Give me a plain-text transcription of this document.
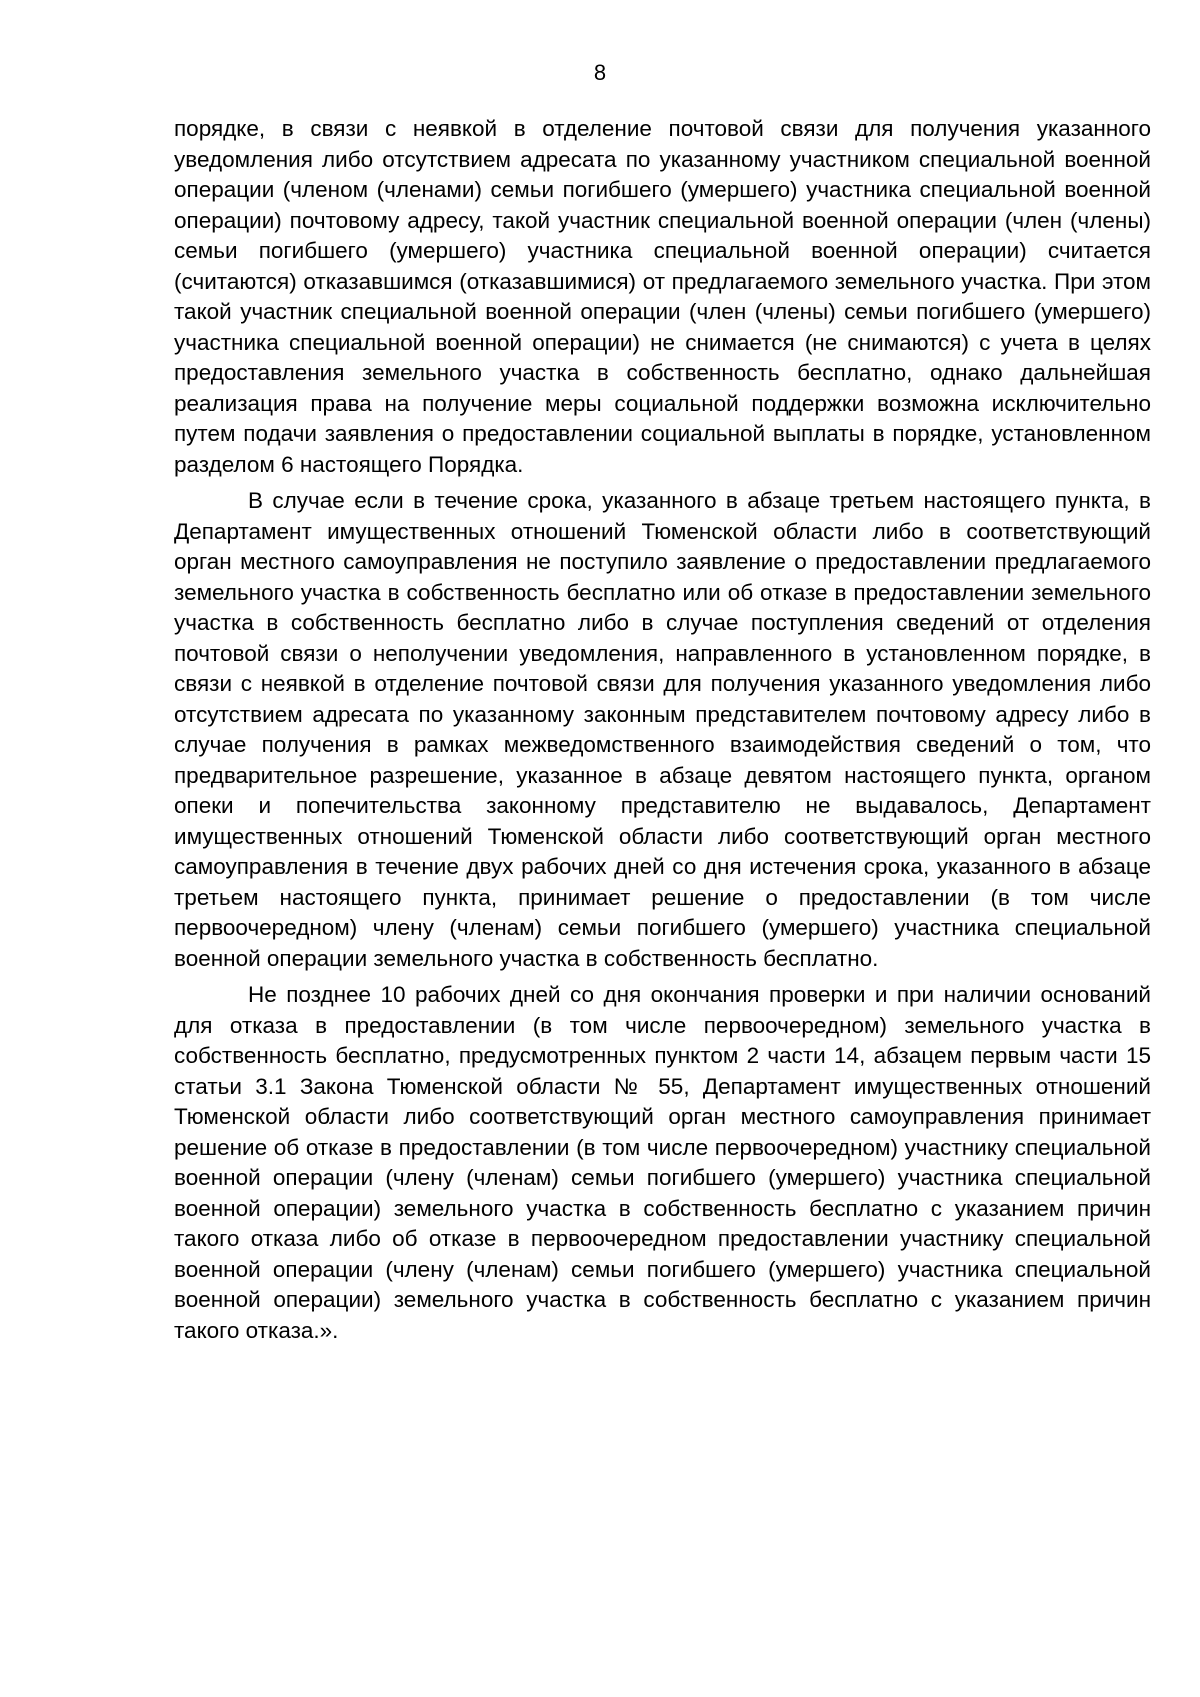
8

порядке, в связи с неявкой в отделение почтовой связи для получения указанного уведомления либо отсутствием адресата по указанному участником специальной военной операции (членом (членами) семьи погибшего (умершего) участника специальной военной операции) почтовому адресу, такой участник специальной военной операции (член (члены) семьи погибшего (умершего) участника специальной военной операции) считается (считаются) отказавшимся (отказавшимися) от предлагаемого земельного участка. При этом такой участник специальной военной операции (член (члены) семьи погибшего (умершего) участника специальной военной операции) не снимается (не снимаются) с учета в целях предоставления земельного участка в собственность бесплатно, однако дальнейшая реализация права на получение меры социальной поддержки возможна исключительно путем подачи заявления о предоставлении социальной выплаты в порядке, установленном разделом 6 настоящего Порядка.

В случае если в течение срока, указанного в абзаце третьем настоящего пункта, в Департамент имущественных отношений Тюменской области либо в соответствующий орган местного самоуправления не поступило заявление о предоставлении предлагаемого земельного участка в собственность бесплатно или об отказе в предоставлении земельного участка в собственность бесплатно либо в случае поступления сведений от отделения почтовой связи о неполучении уведомления, направленного в установленном порядке, в связи с неявкой в отделение почтовой связи для получения указанного уведомления либо отсутствием адресата по указанному законным представителем почтовому адресу либо в случае получения в рамках межведомственного взаимодействия сведений о том, что предварительное разрешение, указанное в абзаце девятом настоящего пункта, органом опеки и попечительства законному представителю не выдавалось, Департамент имущественных отношений Тюменской области либо соответствующий орган местного самоуправления в течение двух рабочих дней со дня истечения срока, указанного в абзаце третьем настоящего пункта, принимает решение о предоставлении (в том числе первоочередном) члену (членам) семьи погибшего (умершего) участника специальной военной операции земельного участка в собственность бесплатно.

Не позднее 10 рабочих дней со дня окончания проверки и при наличии оснований для отказа в предоставлении (в том числе первоочередном) земельного участка в собственность бесплатно, предусмотренных пунктом 2 части 14, абзацем первым части 15 статьи 3.1 Закона Тюменской области № 55, Департамент имущественных отношений Тюменской области либо соответствующий орган местного самоуправления принимает решение об отказе в предоставлении (в том числе первоочередном) участнику специальной военной операции (члену (членам) семьи погибшего (умершего) участника специальной военной операции) земельного участка в собственность бесплатно с указанием причин такого отказа либо об отказе в первоочередном предоставлении участнику специальной военной операции (члену (членам) семьи погибшего (умершего) участника специальной военной операции) земельного участка в собственность бесплатно с указанием причин такого отказа.».
